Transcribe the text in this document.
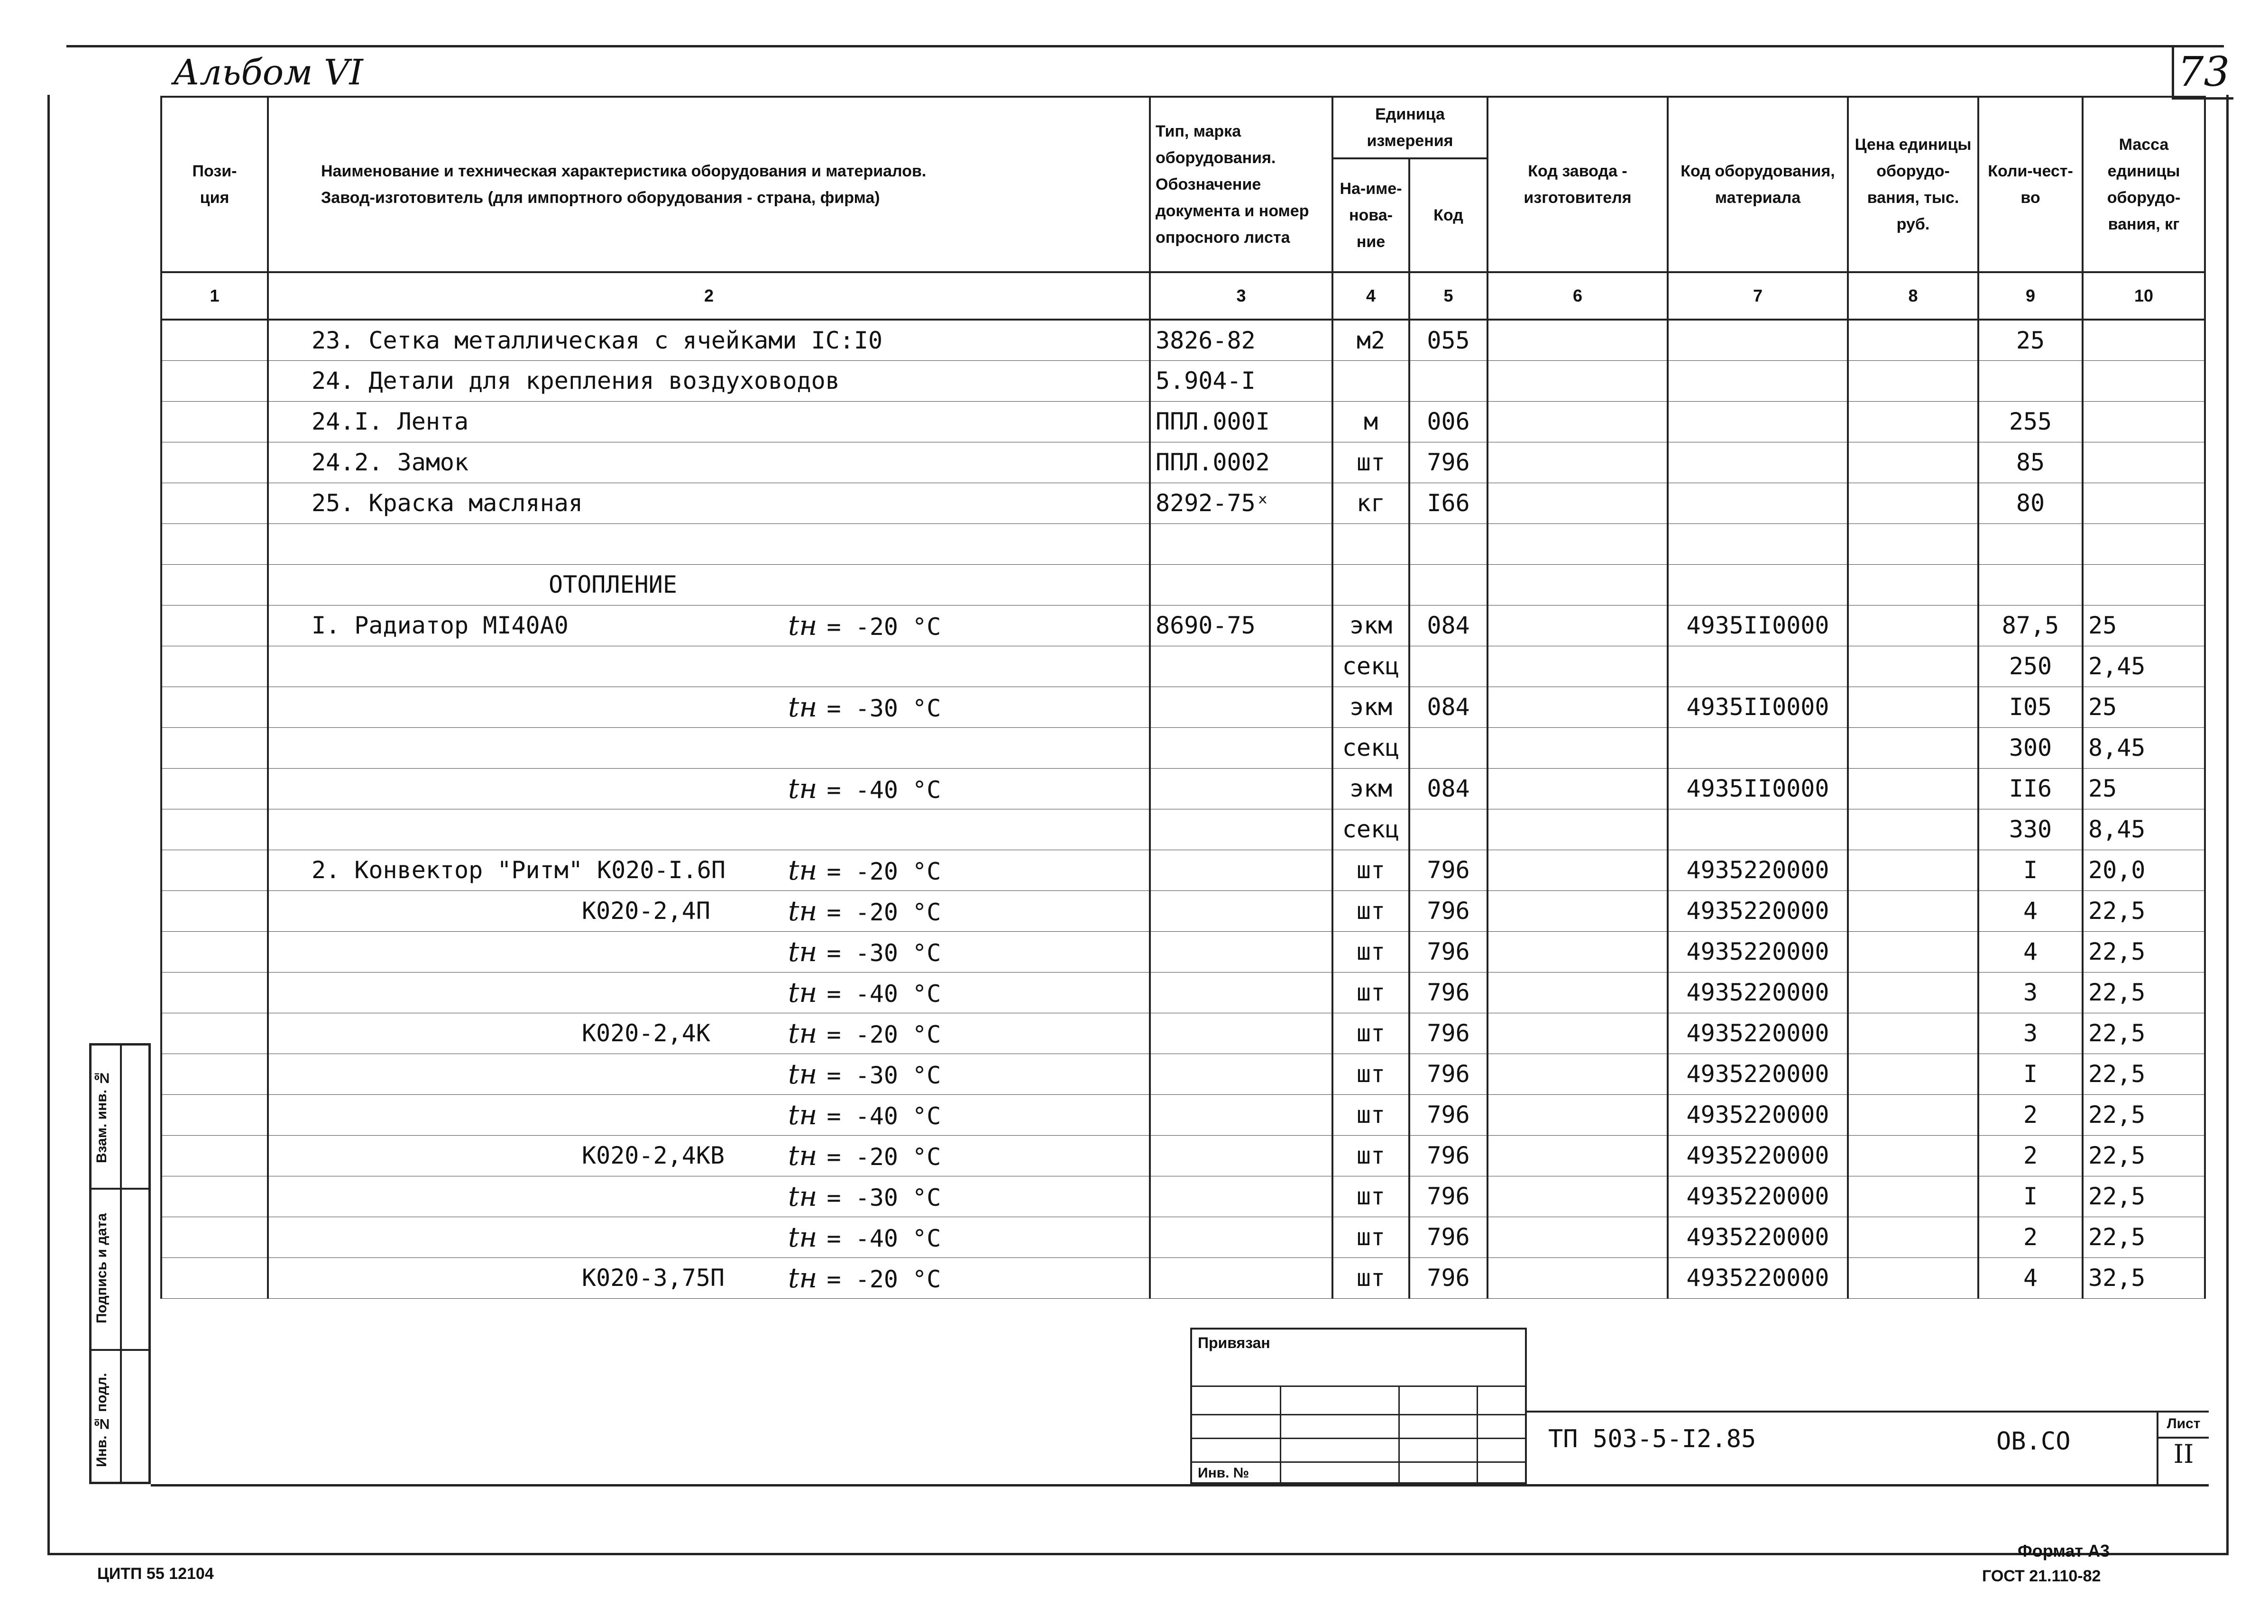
Альбом VI	73
Пози-
ция	Наименование и техническая характеристика оборудования и материалов.
Завод-изготовитель (для импортного оборудования - страна, фирма)	Тип, марка оборудования. Обозначение документа и номер опросного листа	Единица измерения		Код завода - изготовителя	Код оборудования, материала	Цена единицы оборудо-вания, тыс. руб.	Коли-чест-во	Масса единицы оборудо-вания, кг
			На-име-нова-ние	Код					
1	2	3	4	5	6	7	8	9	10
	23. Сетка металлическая с ячейками IC:I0	3826-82	м2	055				25	
	24. Детали для крепления воздуховодов	5.904-I							
	24.I. Лента	ППЛ.000I	м	006				255	
	24.2. Замок	ППЛ.0002	шт	796				85	
	25. Краска масляная	8292-75ˣ	кг	I66				80	

	ОТОПЛЕНИЕ								
	I. Радиатор MI40A0 tн = -20 °C	8690-75	экм	084		4935II0000		87,5	25
			секц					250	2,45

	tн = -30 °C		экм	084		4935II0000		I05	25
			секц					300	8,45

	tн = -40 °C		экм	084		4935II0000		II6	25
			секц					330	8,45
	2. Конвектор "Ритм" К020-I.6П tн = -20 °C		шт	796		4935220000		I	20,0
	К020-2,4П tн = -20 °C		шт	796		4935220000		4	22,5

	tн = -30 °C		шт	796		4935220000		4	22,5

	tн = -40 °C		шт	796		4935220000		3	22,5
	К020-2,4К tн = -20 °C		шт	796		4935220000		3	22,5

	tн = -30 °C		шт	796		4935220000		I	22,5

	tн = -40 °C		шт	796		4935220000		2	22,5
	К020-2,4КВ tн = -20 °C		шт	796		4935220000		2	22,5

	tн = -30 °C		шт	796		4935220000		I	22,5

	tн = -40 °C		шт	796		4935220000		2	22,5
	К020-3,75П tн = -20 °C		шт	796		4935220000		4	32,5
Взам. инв. №
Подпись и дата
Инв. № подл.
Привязан
Инв. №
ТП 503-5-I2.85	ОВ.СО
Лист
II
ЦИТП 55 12104
Формат А3
ГОСТ 21.110-82
